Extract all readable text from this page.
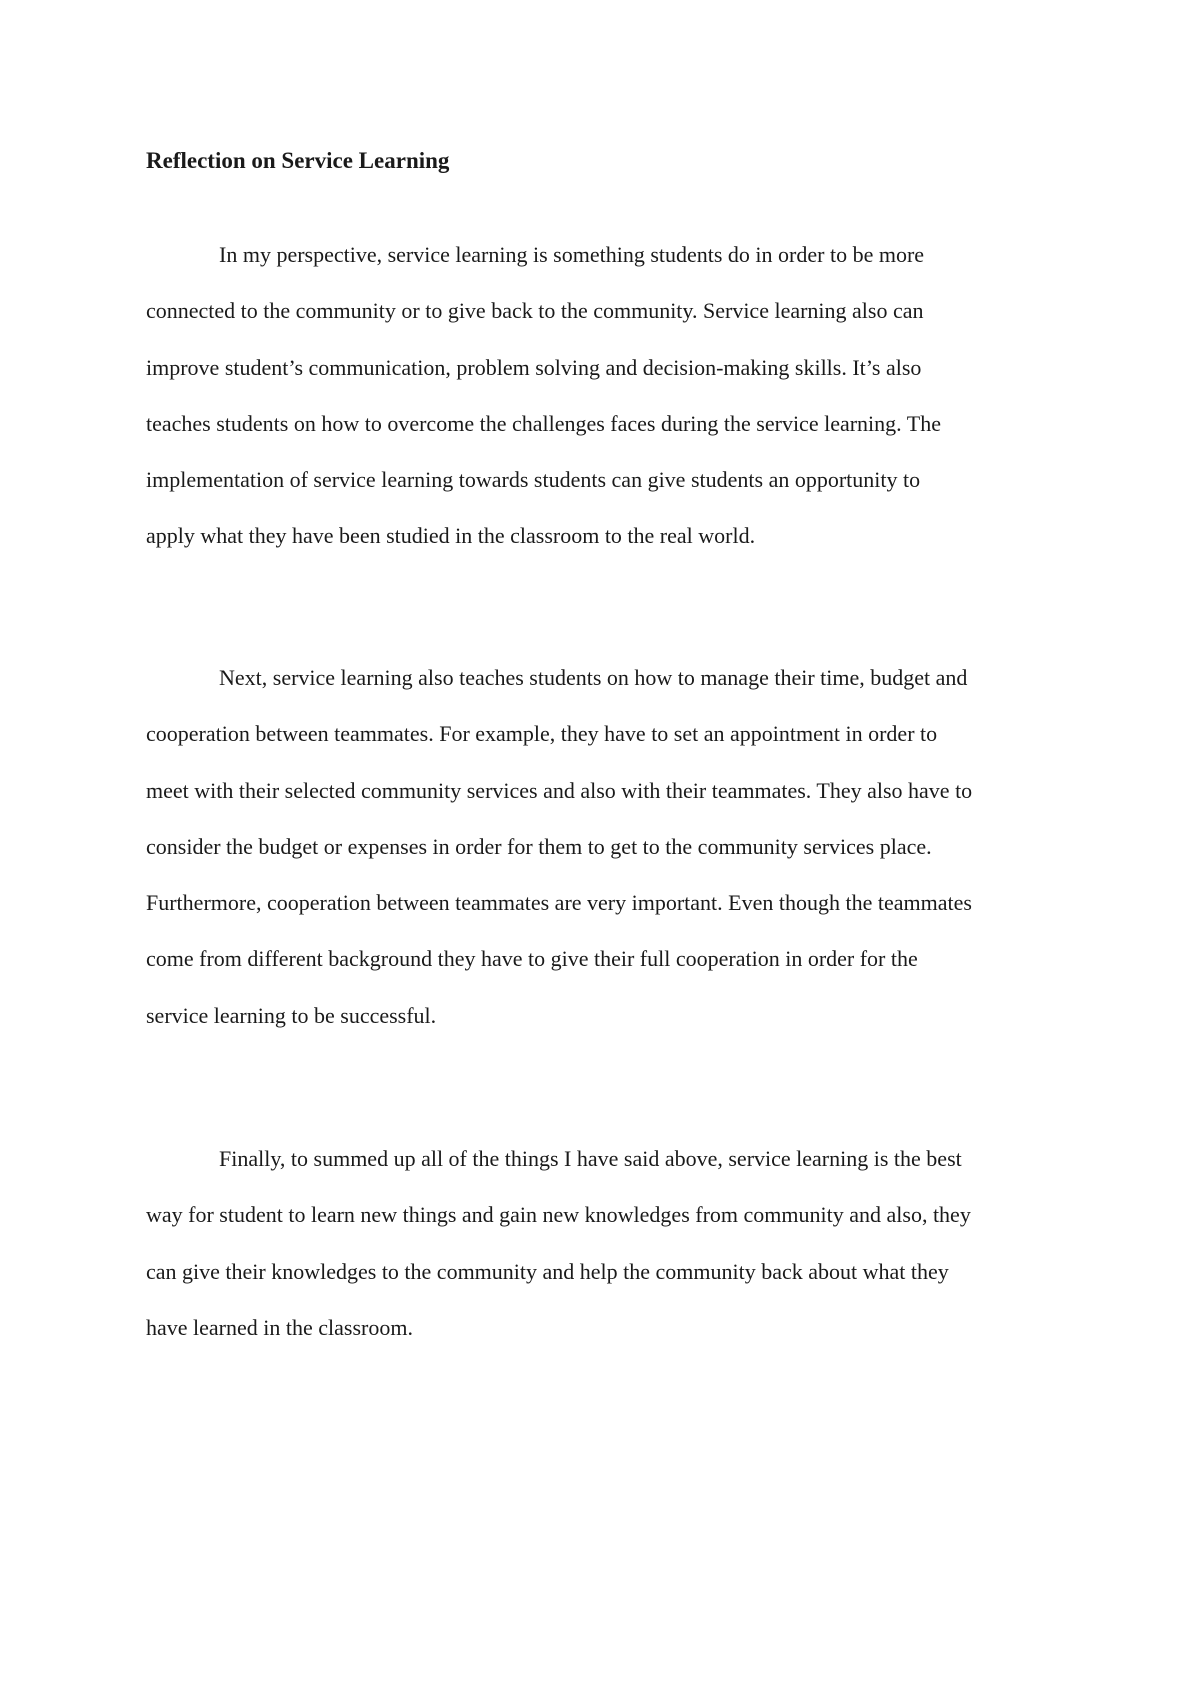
Reflection on Service Learning

In my perspective, service learning is something students do in order to be more
connected to the community or to give back to the community. Service learning also can
improve student’s communication, problem solving and decision-making skills. It’s also
teaches students on how to overcome the challenges faces during the service learning. The
implementation of service learning towards students can give students an opportunity to
apply what they have been studied in the classroom to the real world.

Next, service learning also teaches students on how to manage their time, budget and
cooperation between teammates. For example, they have to set an appointment in order to
meet with their selected community services and also with their teammates. They also have to
consider the budget or expenses in order for them to get to the community services place.
Furthermore, cooperation between teammates are very important. Even though the teammates
come from different background they have to give their full cooperation in order for the
service learning to be successful.

Finally, to summed up all of the things I have said above, service learning is the best
way for student to learn new things and gain new knowledges from community and also, they
can give their knowledges to the community and help the community back about what they
have learned in the classroom.
